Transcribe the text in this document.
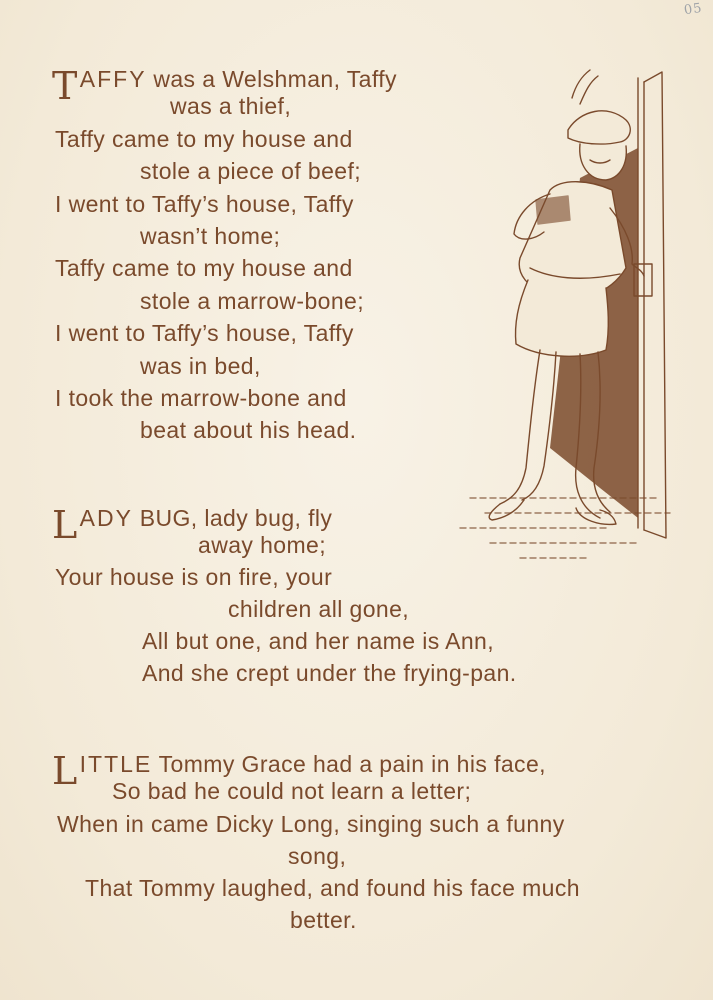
05
TAFFY was a Welshman, Taffy
was a thief,
Taffy came to my house and
stole a piece of beef;
I went to Taffy’s house, Taffy
wasn’t home;
Taffy came to my house and
stole a marrow-bone;
I went to Taffy’s house, Taffy
was in bed,
I took the marrow-bone and
beat about his head.
LADY BUG, lady bug, fly
away home;
Your house is on fire, your
children all gone,
All but one, and her name is Ann,
And she crept under the frying-pan.
LITTLE Tommy Grace had a pain in his face,
So bad he could not learn a letter;
When in came Dicky Long, singing such a funny
song,
That Tommy laughed, and found his face much
better.
